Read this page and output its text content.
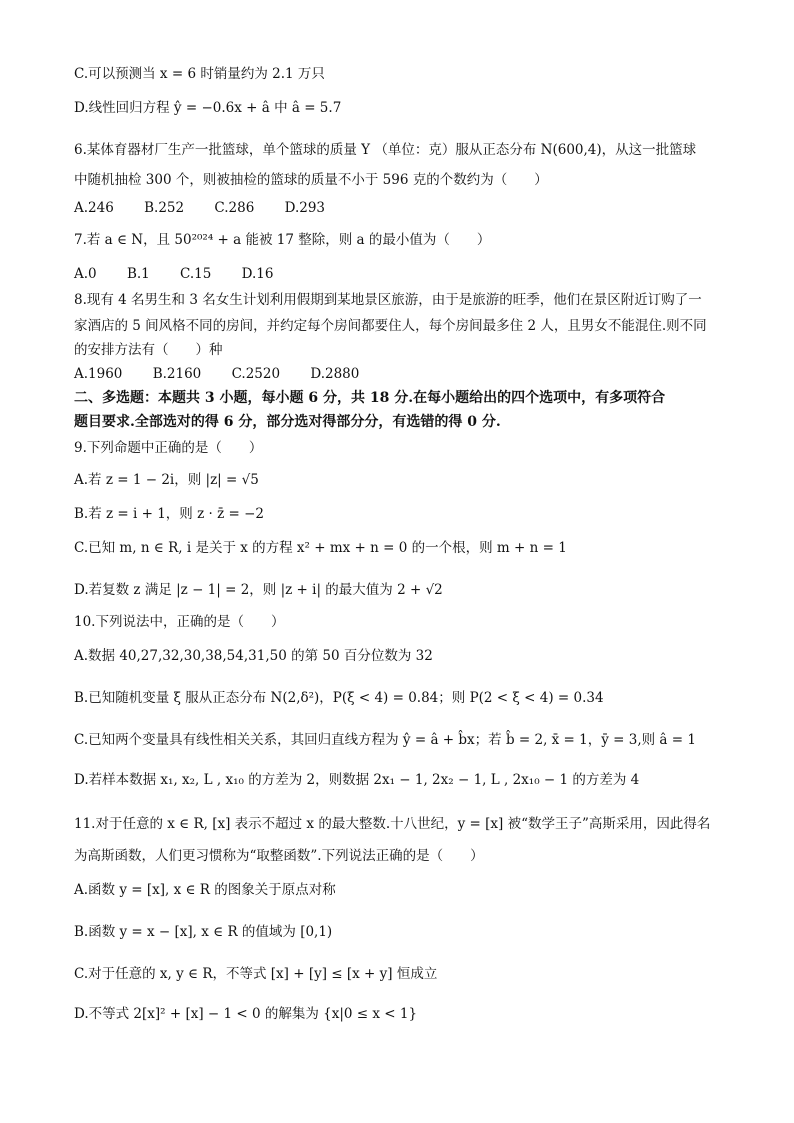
C.可以预测当 x = 6 时销量约为 2.1 万只
D.线性回归方程 ŷ = −0.6x + â 中 â = 5.7
6.某体育器材厂生产一批篮球，单个篮球的质量 Y （单位：克）服从正态分布 N(600,4)，从这一批篮球
中随机抽检 300 个，则被抽检的篮球的质量不小于 596 克的个数约为（　　）
A.246 B.252 C.286 D.293
7.若 a ∈ N，且 50²⁰²⁴ + a 能被 17 整除，则 a 的最小值为（　　）
A.0 B.1 C.15 D.16
8.现有 4 名男生和 3 名女生计划利用假期到某地景区旅游，由于是旅游的旺季，他们在景区附近订购了一
家酒店的 5 间风格不同的房间，并约定每个房间都要住人，每个房间最多住 2 人，且男女不能混住.则不同
的安排方法有（　　）种
A.1960 B.2160 C.2520 D.2880
二、多选题：本题共 3 小题，每小题 6 分，共 18 分.在每小题给出的四个选项中，有多项符合
题目要求.全部选对的得 6 分，部分选对得部分分，有选错的得 0 分.
9.下列命题中正确的是（　　）
A.若 z = 1 − 2i，则 |z| = √5
B.若 z = i + 1，则 z · z̄ = −2
C.已知 m, n ∈ R, i 是关于 x 的方程 x² + mx + n = 0 的一个根，则 m + n = 1
D.若复数 z 满足 |z − 1| = 2，则 |z + i| 的最大值为 2 + √2
10.下列说法中，正确的是（　　）
A.数据 40,27,32,30,38,54,31,50 的第 50 百分位数为 32
B.已知随机变量 ξ 服从正态分布 N(2,δ²)，P(ξ < 4) = 0.84；则 P(2 < ξ < 4) = 0.34
C.已知两个变量具有线性相关关系，其回归直线方程为 ŷ = â + b̂x；若 b̂ = 2, x̄ = 1，ȳ = 3,则 â = 1
D.若样本数据 x₁, x₂, L , x₁₀ 的方差为 2，则数据 2x₁ − 1, 2x₂ − 1, L , 2x₁₀ − 1 的方差为 4
11.对于任意的 x ∈ R, [x] 表示不超过 x 的最大整数.十八世纪，y = [x] 被“数学王子”高斯采用，因此得名
为高斯函数，人们更习惯称为“取整函数”.下列说法正确的是（　　）
A.函数 y = [x], x ∈ R 的图象关于原点对称
B.函数 y = x − [x], x ∈ R 的值域为 [0,1)
C.对于任意的 x, y ∈ R，不等式 [x] + [y] ≤ [x + y] 恒成立
D.不等式 2[x]² + [x] − 1 < 0 的解集为 {x|0 ≤ x < 1}
